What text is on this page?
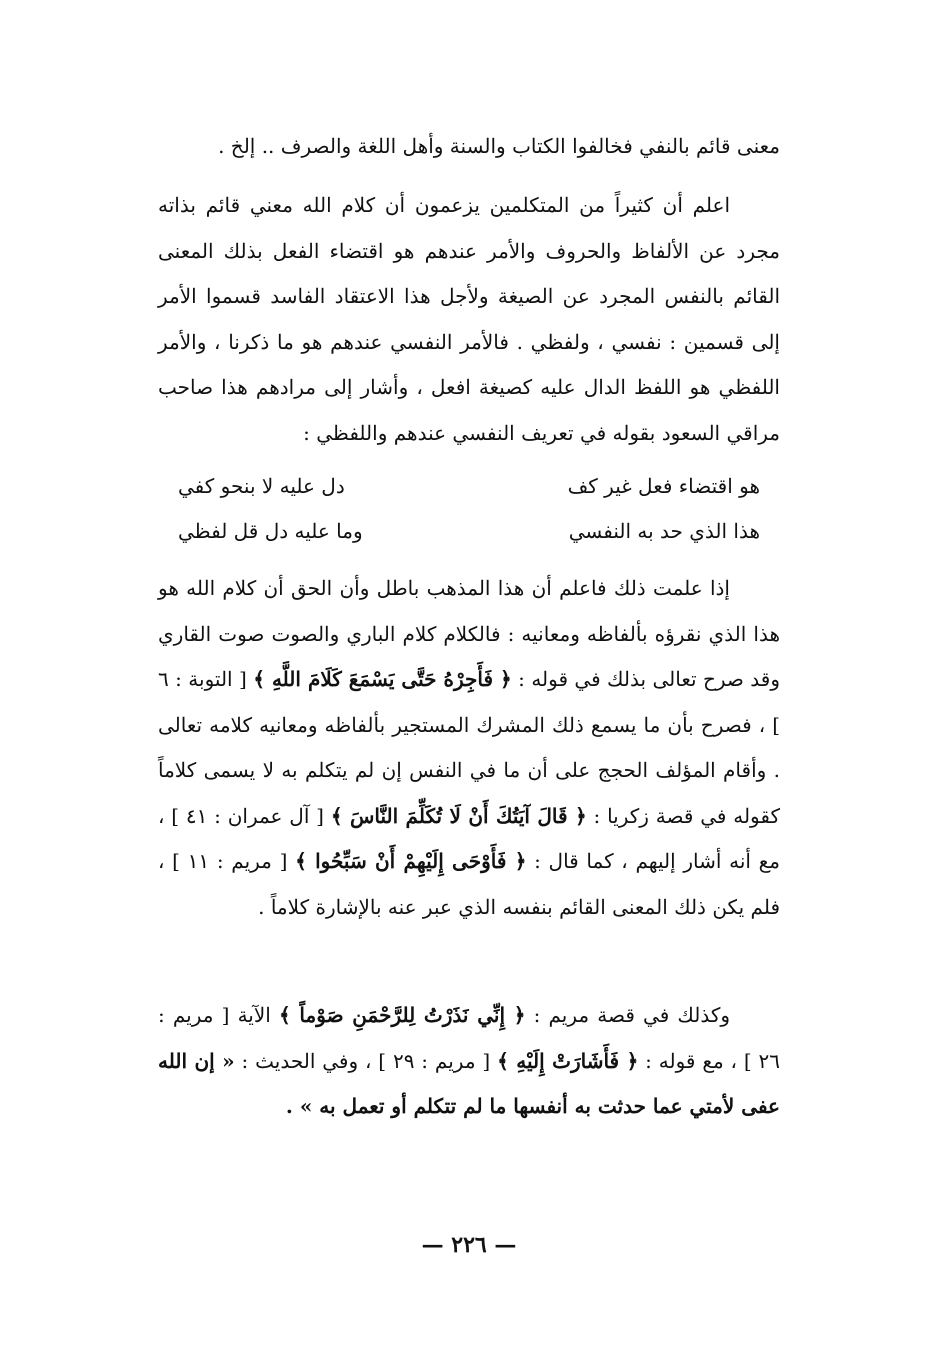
معنى قائم بالنفي فخالفوا الكتاب والسنة وأهل اللغة والصرف .. إلخ .
اعلم أن كثيراً من المتكلمين يزعمون أن كلام الله معني قائم بذاته مجرد عن الألفاظ والحروف والأمر عندهم هو اقتضاء الفعل بذلك المعنى القائم بالنفس المجرد عن الصيغة ولأجل هذا الاعتقاد الفاسد قسموا الأمر إلى قسمين : نفسي ، ولفظي . فالأمر النفسي عندهم هو ما ذكرنا ، والأمر اللفظي هو اللفظ الدال عليه كصيغة افعل ، وأشار إلى مرادهم هذا صاحب مراقي السعود بقوله في تعريف النفسي عندهم واللفظي :
هو اقتضاء فعل غير كف
دل عليه لا بنحو كفي
هذا الذي حد به النفسي
وما عليه دل قل لفظي
إذا علمت ذلك فاعلم أن هذا المذهب باطل وأن الحق أن كلام الله هو هذا الذي نقرؤه بألفاظه ومعانيه : فالكلام كلام الباري والصوت صوت القاري وقد صرح تعالى بذلك في قوله : ﴿ فَأَجِرْهُ حَتَّى يَسْمَعَ كَلَامَ اللَّهِ ﴾ [ التوبة : ٦ ] ، فصرح بأن ما يسمع ذلك المشرك المستجير بألفاظه ومعانيه كلامه تعالى . وأقام المؤلف الحجج على أن ما في النفس إن لم يتكلم به لا يسمى كلاماً كقوله في قصة زكريا : ﴿ قَالَ آيَتُكَ أَنْ لَا تُكَلِّمَ النَّاسَ ﴾ [ آل عمران : ٤١ ] ، مع أنه أشار إليهم ، كما قال : ﴿ فَأَوْحَى إِلَيْهِمْ أَنْ سَبِّحُوا ﴾ [ مريم : ١١ ] ، فلم يكن ذلك المعنى القائم بنفسه الذي عبر عنه بالإشارة كلاماً .
وكذلك في قصة مريم : ﴿ إِنِّي نَذَرْتُ لِلرَّحْمَنِ صَوْماً ﴾ الآية [ مريم : ٢٦ ] ، مع قوله : ﴿ فَأَشَارَتْ إِلَيْهِ ﴾ [ مريم : ٢٩ ] ، وفي الحديث : « إن الله عفى لأمتي عما حدثت به أنفسها ما لم تتكلم أو تعمل به » .
— ٢٢٦ —
